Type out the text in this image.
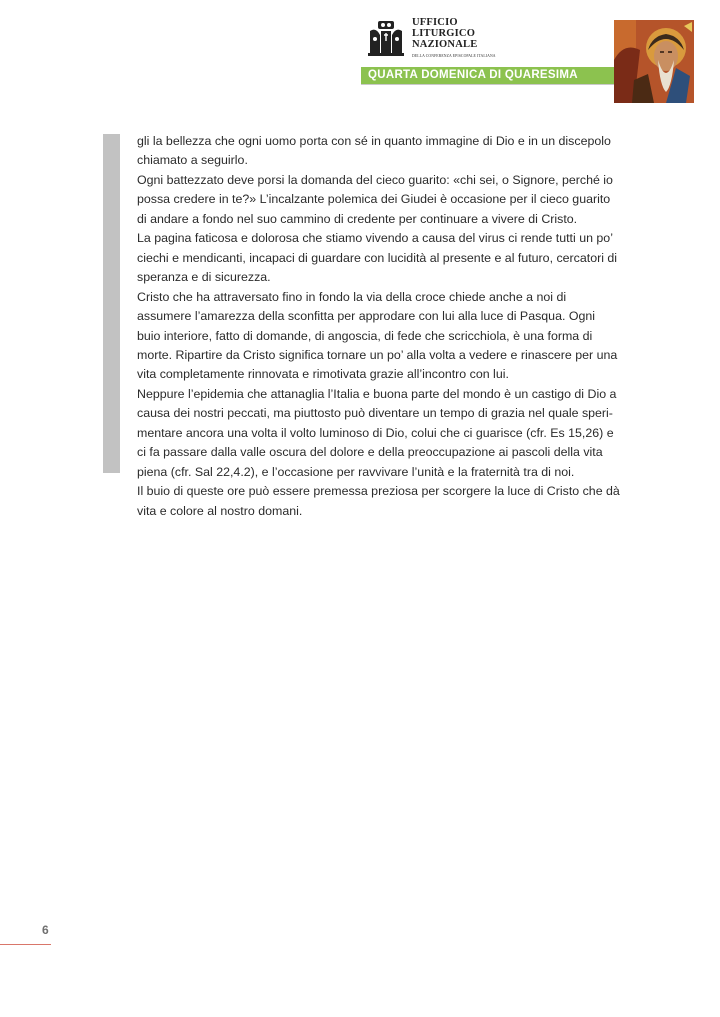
UFFICIO
LITURGICO
NAZIONALE
DELLA CONFERENZA EPISCOPALE ITALIANA
QUARTA DOMENICA DI QUARESIMA

gli la bellezza che ogni uomo porta con sé in quanto immagine di Dio e in un discepolo chiamato a seguirlo.

Ogni battezzato deve porsi la domanda del cieco guarito: «chi sei, o Signore, perché io possa credere in te?» L’incalzante polemica dei Giudei è occasione per il cieco guarito di andare a fondo nel suo cammino di credente per continuare a vivere di Cristo.

La pagina faticosa e dolorosa che stiamo vivendo a causa del virus ci rende tutti un po’ ciechi e mendicanti, incapaci di guardare con lucidità al presente e al futuro, cercatori di speranza e di sicurezza.

Cristo che ha attraversato fino in fondo la via della croce chiede anche a noi di assumere l’amarezza della sconfitta per approdare con lui alla luce di Pasqua. Ogni buio interiore, fatto di domande, di angoscia, di fede che scricchiola, è una forma di morte. Ripartire da Cristo significa tornare un po’ alla volta a vedere e rinascere per una vita completamente rinnovata e rimotivata grazie all’incontro con lui.

Neppure l’epidemia che attanaglia l’Italia e buona parte del mondo è un castigo di Dio a causa dei nostri peccati, ma piuttosto può diventare un tempo di grazia nel quale speri-mentare ancora una volta il volto luminoso di Dio, colui che ci guarisce (cfr. Es 15,26) e ci fa passare dalla valle oscura del dolore e della preoccupazione ai pascoli della vita piena (cfr. Sal 22,4.2), e l’occasione per ravvivare l’unità e la fraternità tra di noi.

Il buio di queste ore può essere premessa preziosa per scorgere la luce di Cristo che dà vita e colore al nostro domani.

6
